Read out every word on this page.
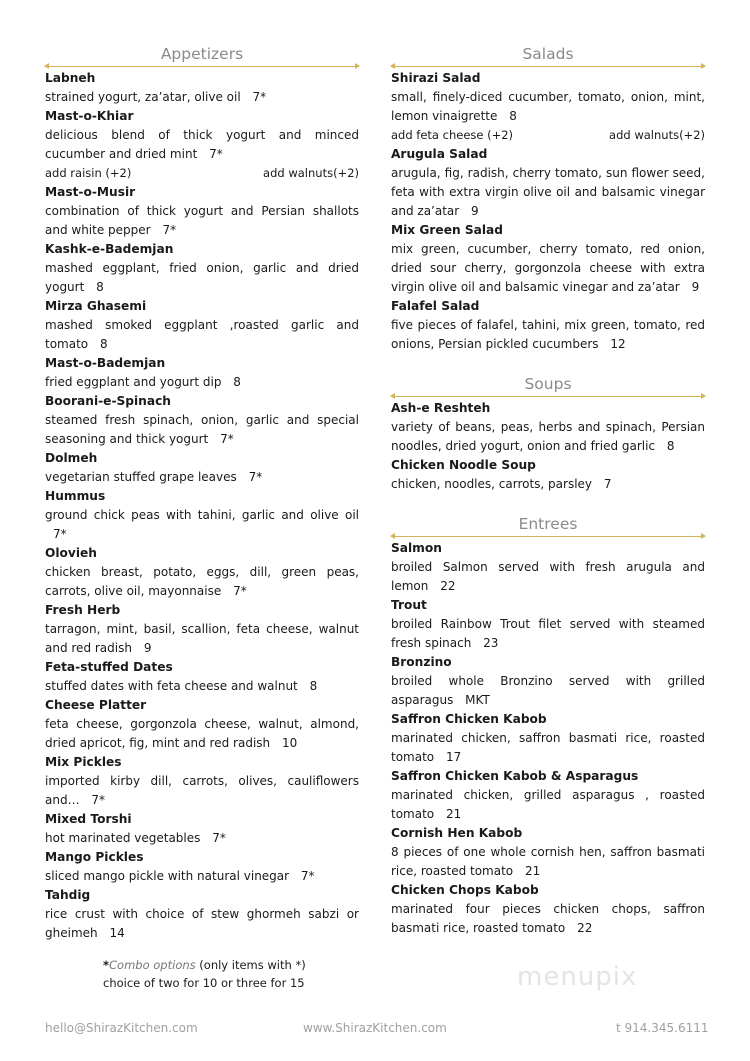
Appetizers
Labneh
strained yogurt, za’atar, olive oil 7*
Mast-o-Khiar
delicious blend of thick yogurt and minced cucumber and dried mint 7*
add raisin (+2)	add walnuts(+2)
Mast-o-Musir
combination of thick yogurt and Persian shallots and white pepper 7*
Kashk-e-Bademjan
mashed eggplant, fried onion, garlic and dried yogurt 8
Mirza Ghasemi
mashed smoked eggplant ,roasted garlic and tomato 8
Mast-o-Bademjan
fried eggplant and yogurt dip 8
Boorani-e-Spinach
steamed fresh spinach, onion, garlic and special seasoning and thick yogurt 7*
Dolmeh
vegetarian stuffed grape leaves 7*
Hummus
ground chick peas with tahini, garlic and olive oil 7*
Olovieh
chicken breast, potato, eggs, dill, green peas, carrots, olive oil, mayonnaise 7*
Fresh Herb
tarragon, mint, basil, scallion, feta cheese, walnut and red radish 9
Feta-stuffed Dates
stuffed dates with feta cheese and walnut 8
Cheese Platter
feta cheese, gorgonzola cheese, walnut, almond, dried apricot, fig, mint and red radish 10
Mix Pickles
imported kirby dill, carrots, olives, cauliflowers and… 7*
Mixed Torshi
hot marinated vegetables 7*
Mango Pickles
sliced mango pickle with natural vinegar 7*
Tahdig
rice crust with choice of stew ghormeh sabzi or gheimeh 14
Salads
Shirazi Salad
small, finely-diced cucumber, tomato, onion, mint, lemon vinaigrette 8
add feta cheese (+2)	add walnuts(+2)
Arugula Salad
arugula, fig, radish, cherry tomato, sun flower seed, feta with extra virgin olive oil and balsamic vinegar and za’atar 9
Mix Green Salad
mix green, cucumber, cherry tomato, red onion, dried sour cherry, gorgonzola cheese with extra virgin olive oil and balsamic vinegar and za’atar 9
Falafel Salad
five pieces of falafel, tahini, mix green, tomato, red onions, Persian pickled cucumbers 12
Soups
Ash-e Reshteh
variety of beans, peas, herbs and spinach, Persian noodles, dried yogurt, onion and fried garlic 8
Chicken Noodle Soup
chicken, noodles, carrots, parsley 7
Entrees
Salmon
broiled Salmon served with fresh arugula and lemon 22
Trout
broiled Rainbow Trout filet served with steamed fresh spinach 23
Bronzino
broiled whole Bronzino served with grilled asparagus MKT
Saffron Chicken Kabob
marinated chicken, saffron basmati rice, roasted tomato 17
Saffron Chicken Kabob & Asparagus
marinated chicken, grilled asparagus , roasted tomato 21
Cornish Hen Kabob
8 pieces of one whole cornish hen, saffron basmati rice, roasted tomato 21
Chicken Chops Kabob
marinated four pieces chicken chops, saffron basmati rice, roasted tomato 22
*Combo options (only items with *)
choice of two for 10 or three for 15	menupix
hello@ShirazKitchen.com	www.ShirazKitchen.com	t 914.345.6111
